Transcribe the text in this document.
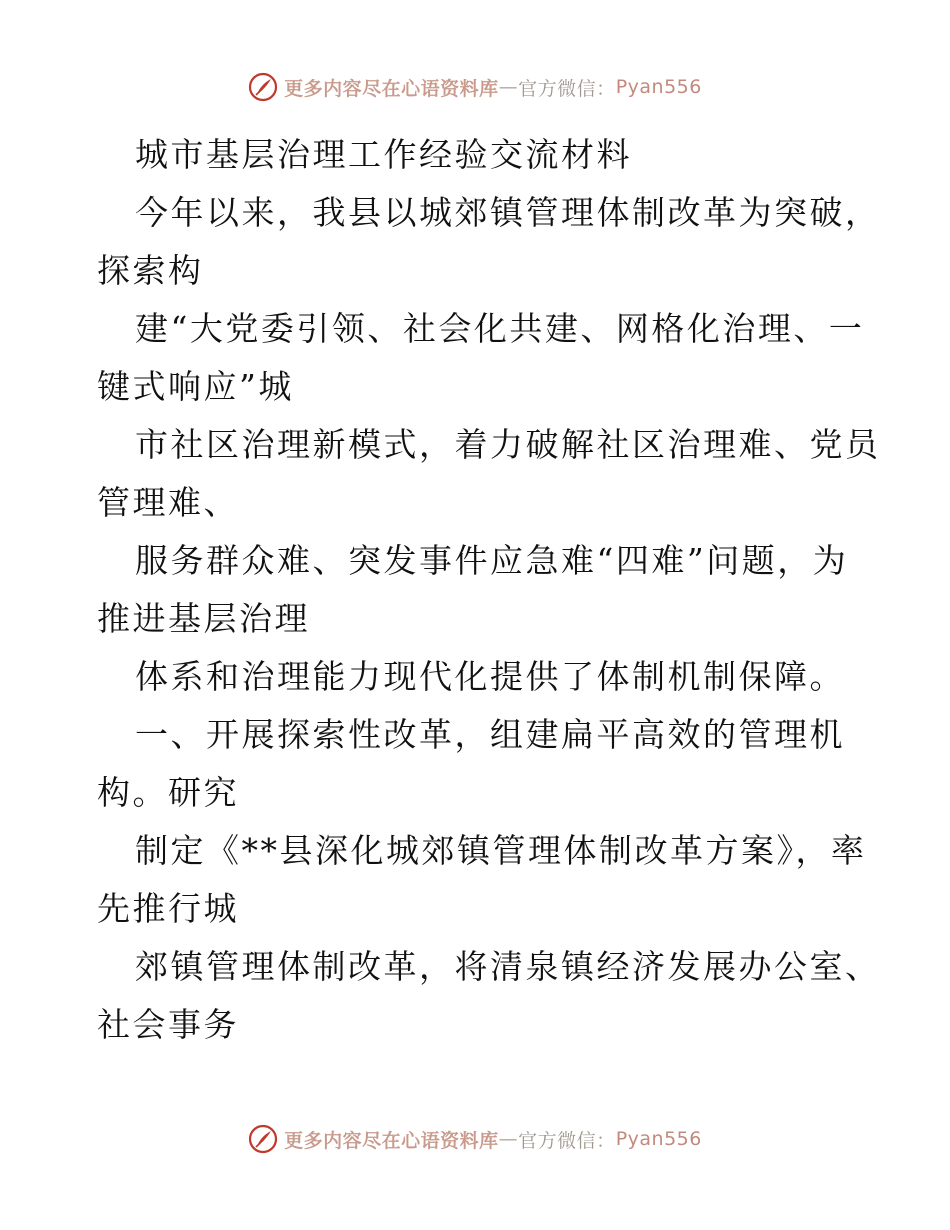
更多内容尽在心语资料库 — 官方微信： Pyan556
城市基层治理工作经验交流材料
今年以来，我县以城郊镇管理体制改革为突破，
探索构
建“大党委引领、社会化共建、网格化治理、一
键式响应”城
市社区治理新模式，着力破解社区治理难、党员
管理难、
服务群众难、突发事件应急难“四难”问题，为
推进基层治理
体系和治理能力现代化提供了体制机制保障。
一、开展探索性改革，组建扁平高效的管理机
构。研究
制定《**县深化城郊镇管理体制改革方案》，率
先推行城
郊镇管理体制改革，将清泉镇经济发展办公室、
社会事务
更多内容尽在心语资料库 — 官方微信： Pyan556
